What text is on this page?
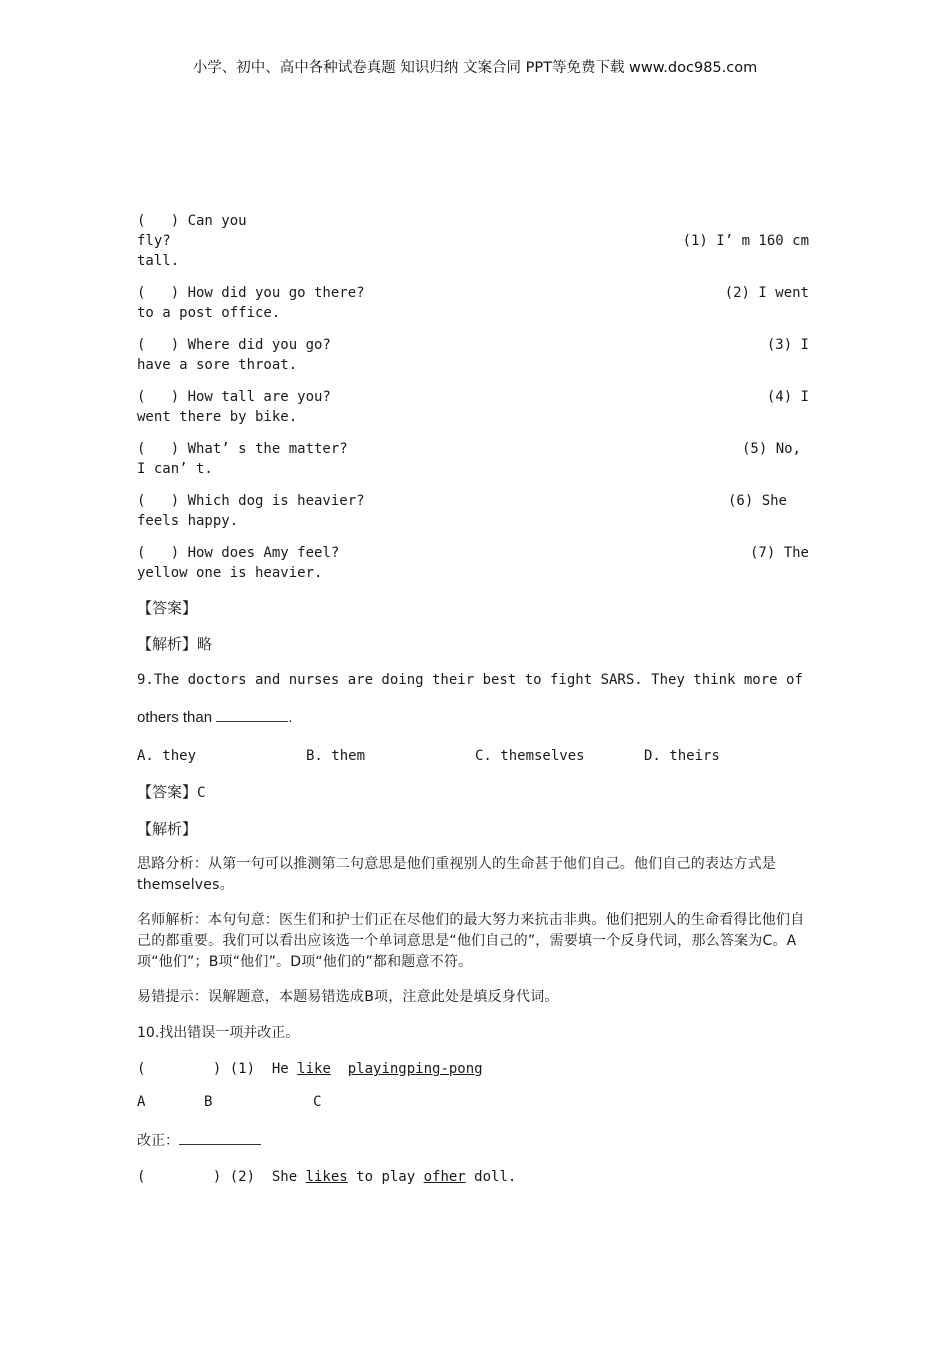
小学、初中、高中各种试卷真题 知识归纳 文案合同 PPT等免费下载 www.doc985.com
(   ) Can you
fly?	(1) I’ m 160 cm
tall.
(   ) How did you go there?	(2) I went
to a post office.
(   ) Where did you go?	(3) I
have a sore throat.
(   ) How tall are you?	(4) I
went there by bike.
(   ) What’ s the matter?	(5) No,
I can’ t.
(   ) Which dog is heavier?	(6) She
feels happy.
(   ) How does Amy feel?	(7) The
yellow one is heavier.
【答案】
【解析】略
9.The doctors and nurses are doing their best to fight SARS. They think more of
others than	.
A. they	B. them	C. themselves	D. theirs
【答案】C
【解析】
思路分析：从第一句可以推测第二句意思是他们重视别人的生命甚于他们自己。他们自己的表达方式是themselves。
名师解析：本句句意：医生们和护士们正在尽他们的最大努力来抗击非典。他们把别人的生命看得比他们自己的都重要。我们可以看出应该选一个单词意思是“他们自己的”，需要填一个反身代词，那么答案为C。A项“他们”；B项“他们”。D项“他们的”都和题意不符。
易错提示：误解题意，本题易错选成B项，注意此处是填反身代词。
10.找出错误一项并改正。
(        ) (1)  He like playingping-pong
A	B	C
改正：
(        ) (2)  She likes to play ofher doll.
